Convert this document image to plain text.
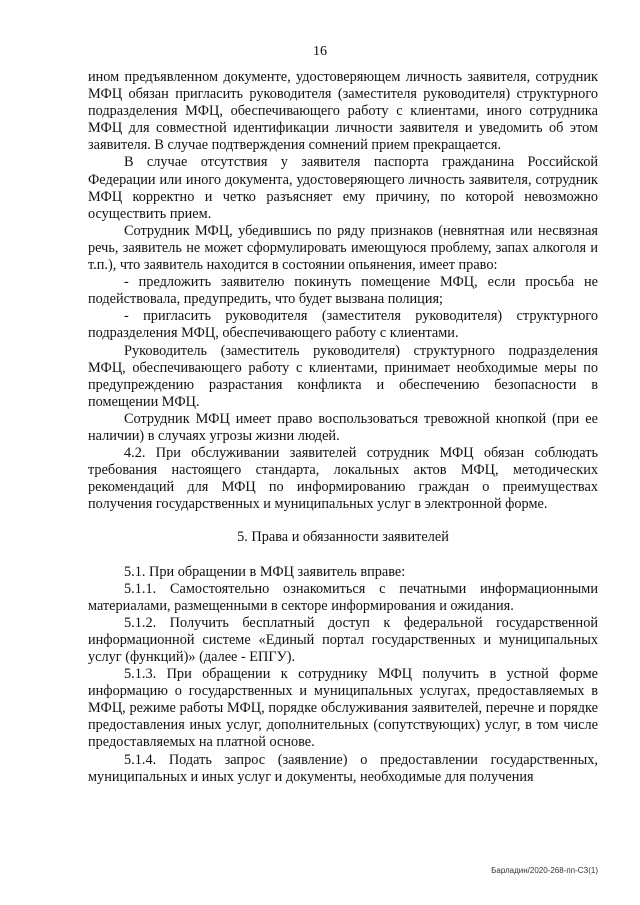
16

ином предъявленном документе, удостоверяющем личность заявителя, сотрудник МФЦ обязан пригласить руководителя (заместителя руководителя) структурного подразделения МФЦ, обеспечивающего работу с клиентами, иного сотрудника МФЦ для совместной идентификации личности заявителя и уведомить об этом заявителя. В случае подтверждения сомнений прием прекращается.

В случае отсутствия у заявителя паспорта гражданина Российской Федерации или иного документа, удостоверяющего личность заявителя, сотрудник МФЦ корректно и четко разъясняет ему причину, по которой невозможно осуществить прием.

Сотрудник МФЦ, убедившись по ряду признаков (невнятная или несвязная речь, заявитель не может сформулировать имеющуюся проблему, запах алкоголя и т.п.), что заявитель находится в состоянии опьянения, имеет право:

- предложить заявителю покинуть помещение МФЦ, если просьба не подействовала, предупредить, что будет вызвана полиция;

- пригласить руководителя (заместителя руководителя) структурного подразделения МФЦ, обеспечивающего работу с клиентами.

Руководитель (заместитель руководителя) структурного подразделения МФЦ, обеспечивающего работу с клиентами, принимает необходимые меры по предупреждению разрастания конфликта и обеспечению безопасности в помещении МФЦ.

Сотрудник МФЦ имеет право воспользоваться тревожной кнопкой (при ее наличии) в случаях угрозы жизни людей.

4.2. При обслуживании заявителей сотрудник МФЦ обязан соблюдать требования настоящего стандарта, локальных актов МФЦ, методических рекомендаций для МФЦ по информированию граждан о преимуществах получения государственных и муниципальных услуг в электронной форме.

5. Права и обязанности заявителей

5.1. При обращении в МФЦ заявитель вправе:

5.1.1. Самостоятельно ознакомиться с печатными информационными материалами, размещенными в секторе информирования и ожидания.

5.1.2. Получить бесплатный доступ к федеральной государственной информационной системе «Единый портал государственных и муниципальных услуг (функций)» (далее - ЕПГУ).

5.1.3. При обращении к сотруднику МФЦ получить в устной форме информацию о государственных и муниципальных услугах, предоставляемых в МФЦ, режиме работы МФЦ, порядке обслуживания заявителей, перечне и порядке предоставления иных услуг, дополнительных (сопутствующих) услуг, в том числе предоставляемых на платной основе.

5.1.4. Подать запрос (заявление) о предоставлении государственных, муниципальных и иных услуг и документы, необходимые для получения

Барладин/2020-268-пп-СЗ(1)
